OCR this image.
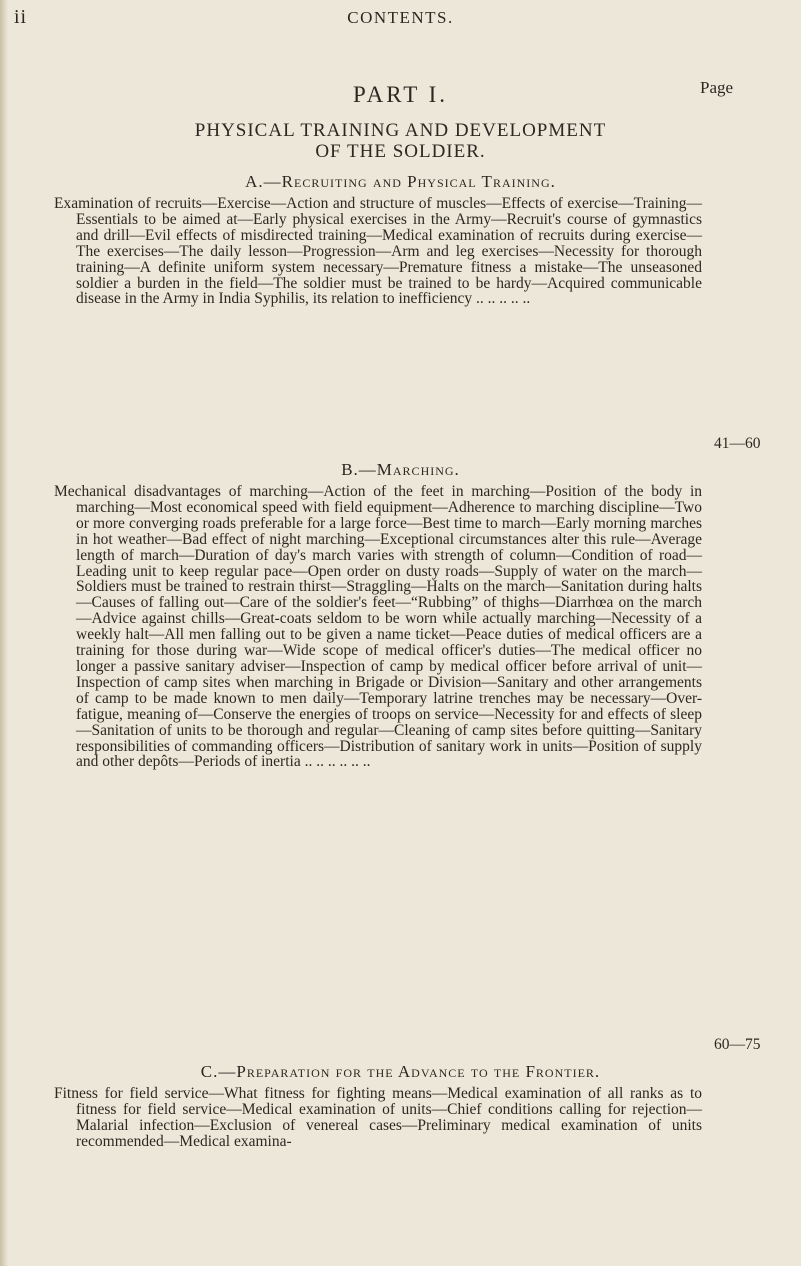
ii	CONTENTS.
PART I.	Page
PHYSICAL TRAINING AND DEVELOPMENT
OF THE SOLDIER.
A.—Recruiting and Physical Training.
Examination of recruits—Exercise—Action and structure of muscles—Effects of exercise—Training—Essentials to be aimed at—Early physical exercises in the Army—Recruit's course of gymnastics and drill—Evil effects of misdirected training—Medical examination of recruits during exercise—The exercises—The daily lesson—Progression—Arm and leg exercises—Necessity for thorough training—A definite uniform system necessary—Premature fitness a mistake—The unseasoned soldier a burden in the field—The soldier must be trained to be hardy—Acquired communicable disease in the Army in India Syphilis, its relation to inefficiency .. .. .. .. ..
41—60
B.—Marching.
Mechanical disadvantages of marching—Action of the feet in marching—Position of the body in marching—Most economical speed with field equipment—Adherence to marching discipline—Two or more converging roads preferable for a large force—Best time to march—Early morning marches in hot weather—Bad effect of night marching—Exceptional circumstances alter this rule—Average length of march—Duration of day's march varies with strength of column—Condition of road—Leading unit to keep regular pace—Open order on dusty roads—Supply of water on the march—Soldiers must be trained to restrain thirst—Straggling—Halts on the march—Sanitation during halts—Causes of falling out—Care of the soldier's feet—“Rubbing” of thighs—Diarrhœa on the march—Advice against chills—Great-coats seldom to be worn while actually marching—Necessity of a weekly halt—All men falling out to be given a name ticket—Peace duties of medical officers are a training for those during war—Wide scope of medical officer's duties—The medical officer no longer a passive sanitary adviser—Inspection of camp by medical officer before arrival of unit—Inspection of camp sites when marching in Brigade or Division—Sanitary and other arrangements of camp to be made known to men daily—Temporary latrine trenches may be necessary—Over-fatigue, meaning of—Conserve the energies of troops on service—Necessity for and effects of sleep—Sanitation of units to be thorough and regular—Cleaning of camp sites before quitting—Sanitary responsibilities of commanding officers—Distribution of sanitary work in units—Position of supply and other depôts—Periods of inertia .. .. .. .. .. ..
60—75
C.—Preparation for the Advance to the Frontier.
Fitness for field service—What fitness for fighting means—Medical examination of all ranks as to fitness for field service—Medical examination of units—Chief conditions calling for rejection—Malarial infection—Exclusion of venereal cases—Preliminary medical examination of units recommended—Medical examina-
